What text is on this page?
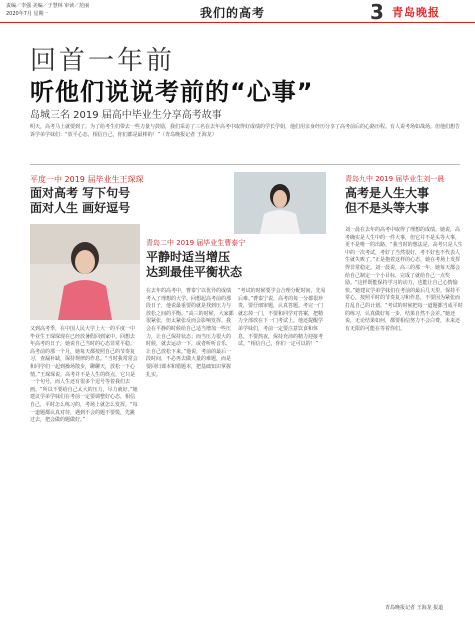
责编／李强 美编／于慧林 审读／范丽
2020年7月 星期一	我们的高考	3 青岛晚报
回首一年前
听他们说说考前的“心事”
岛城三名 2019 届高中毕业生分享高考故事
明天，高考马上就要到了。为了给考生们带去一些力量与鼓励，我们采访了三名在去年高考中取得好成绩的学长学姐，他们用亲身经历分享了高考前后的心路历程。有人说考场如战场，但他们想告诉学弟学妹们：“放平心态，相信自己，你们都是最棒的！”（青岛晚报记者 王海龙）
平度一中 2019 届毕业生王琛琛
面对高考 写下句号
面对人生 画好逗号
又到高考季，在中国人民大学上大一的平度一中毕业生王琛琛现在已经放暑假回到家中。回想去年高考的日子，她说自己当时的心态非常平稳。高考前的那一个月，她每天都按照自己的节奏复习，查漏补缺，保持规律的作息。“当时我常常会和同学们一起到操场散步，聊聊天，放松一下心情。”王琛琛说，高考并不是人生的终点，它只是一个句号，而人生还有很多个逗号等着我们去画。“所以不要给自己太大的压力，尽力就好。”她建议学弟学妹们在考前一定要调整好心态，相信自己，平时怎么练习的，考场上就怎么发挥。“每一道题都认真对待，遇到不会的题不要慌，先跳过去，把会做的题做好。”
青岛二中 2019 届毕业生曹泰宁
平静时适当增压
达到最佳平衡状态
在去年的高考中，曹泰宁以优异的成绩考入了理想的大学。回想起高考前的那段日子，他说最重要的就是找到压力与放松之间的平衡。“高三的时候，大家都很紧张，但太紧张反而会影响发挥。我会在平静的时候给自己适当增加一些压力，让自己保持状态；而当压力很大的时候，就去运动一下，或者听听音乐，让自己放松下来。”他说，考前的最后一段时间，不必再去做大量的难题，而是要回归课本和错题本，把基础知识掌握扎实。
“考试的时候要学会合理分配时间，先易后难。”曹泰宁说，高考的每一分都很珍贵，要仔细审题，认真答题。考完一门就忘掉一门，不要和同学对答案，把精力全部放在下一门考试上。他还提醒学弟学妹们，考前一定要注意饮食和休息，不要熬夜，保持充沛的精力迎接考试。“相信自己，你们一定可以的！”
青岛九中 2019 届毕业生刘一晨
高考是人生大事
但不是头等大事
刘一晨在去年的高考中取得了理想的成绩。她说，高考确实是人生中的一件大事，但它并不是头等大事，更不是唯一的出路。“我当时的想法是，高考只是人生中的一次考试，考好了当然很好，考不好也不代表人生就失败了。”正是抱着这样的心态，她在考场上发挥得非常稳定。刘一晨说，高三的那一年，她每天都会给自己制定一个小目标，完成了就给自己一点奖励。“这样既能保持学习的动力，也能让自己心情愉快。”她建议学弟学妹们在考前的最后几天里，保持平常心，按照平时的节奏复习和作息，不要因为紧张而打乱自己的计划。“考试的时候把每一道题都当成平时的练习，认真做好每一步，结果自然不会差。”她还说，无论结果如何，都要相信努力不会白费，未来还有无限的可能在等着你们。
青岛晚报记者 王海龙 报道
